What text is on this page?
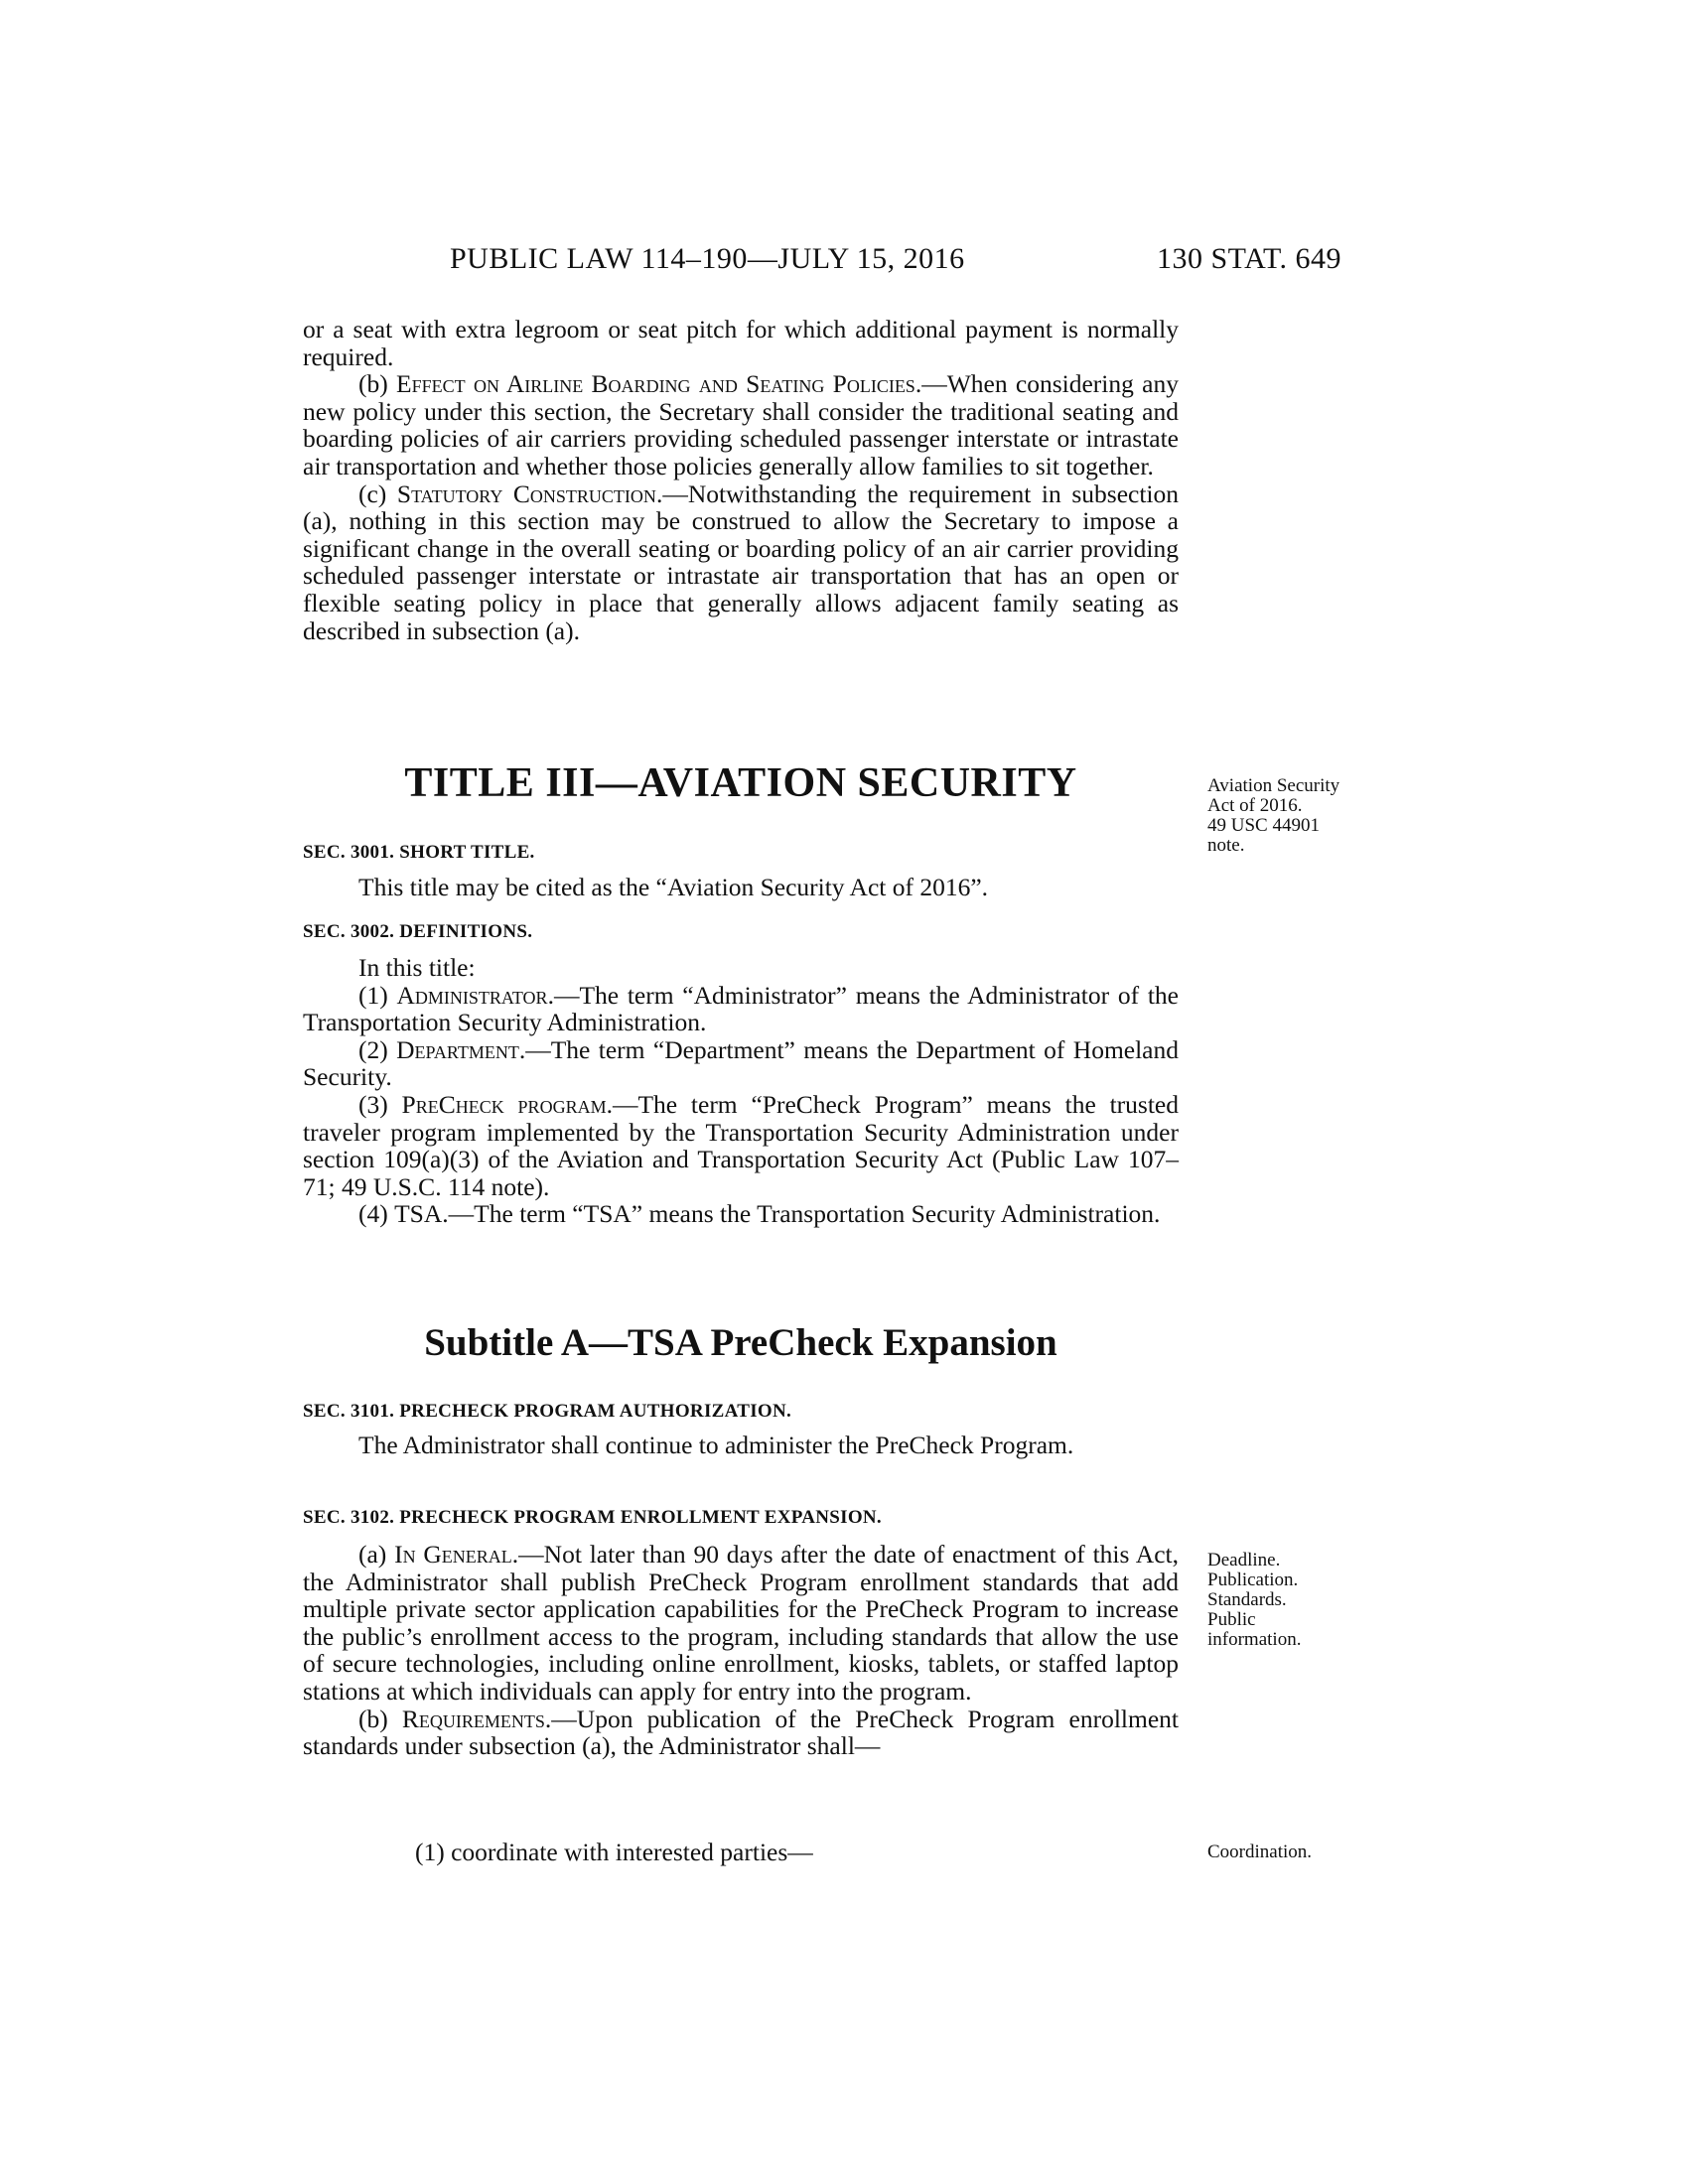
PUBLIC LAW 114–190—JULY 15, 2016	130 STAT. 649

or a seat with extra legroom or seat pitch for which additional payment is normally required.

(b) Effect on Airline Boarding and Seating Policies.—When considering any new policy under this section, the Secretary shall consider the traditional seating and boarding policies of air carriers providing scheduled passenger interstate or intrastate air transportation and whether those policies generally allow families to sit together.

(c) Statutory Construction.—Notwithstanding the requirement in subsection (a), nothing in this section may be construed to allow the Secretary to impose a significant change in the overall seating or boarding policy of an air carrier providing scheduled passenger interstate or intrastate air transportation that has an open or flexible seating policy in place that generally allows adjacent family seating as described in subsection (a).

TITLE III—AVIATION SECURITY	Aviation Security
Act of 2016.
49 USC 44901
note.
SEC. 3001. SHORT TITLE.

This title may be cited as the “Aviation Security Act of 2016”.

SEC. 3002. DEFINITIONS.

In this title:

(1) Administrator.—The term “Administrator” means the Administrator of the Transportation Security Administration.

(2) Department.—The term “Department” means the Department of Homeland Security.

(3) PreCheck program.—The term “PreCheck Program” means the trusted traveler program implemented by the Transportation Security Administration under section 109(a)(3) of the Aviation and Transportation Security Act (Public Law 107–71; 49 U.S.C. 114 note).

(4) TSA.—The term “TSA” means the Transportation Security Administration.

Subtitle A—TSA PreCheck Expansion
SEC. 3101. PRECHECK PROGRAM AUTHORIZATION.

The Administrator shall continue to administer the PreCheck Program.

SEC. 3102. PRECHECK PROGRAM ENROLLMENT EXPANSION.

(a) In General.—Not later than 90 days after the date of enactment of this Act, the Administrator shall publish PreCheck Program enrollment standards that add multiple private sector application capabilities for the PreCheck Program to increase the public’s enrollment access to the program, including standards that allow the use of secure technologies, including online enrollment, kiosks, tablets, or staffed laptop stations at which individuals can apply for entry into the program.

(b) Requirements.—Upon publication of the PreCheck Program enrollment standards under subsection (a), the Administrator shall—

(1) coordinate with interested parties—

Deadline.
Publication.
Standards.
Public
information.
Coordination.
